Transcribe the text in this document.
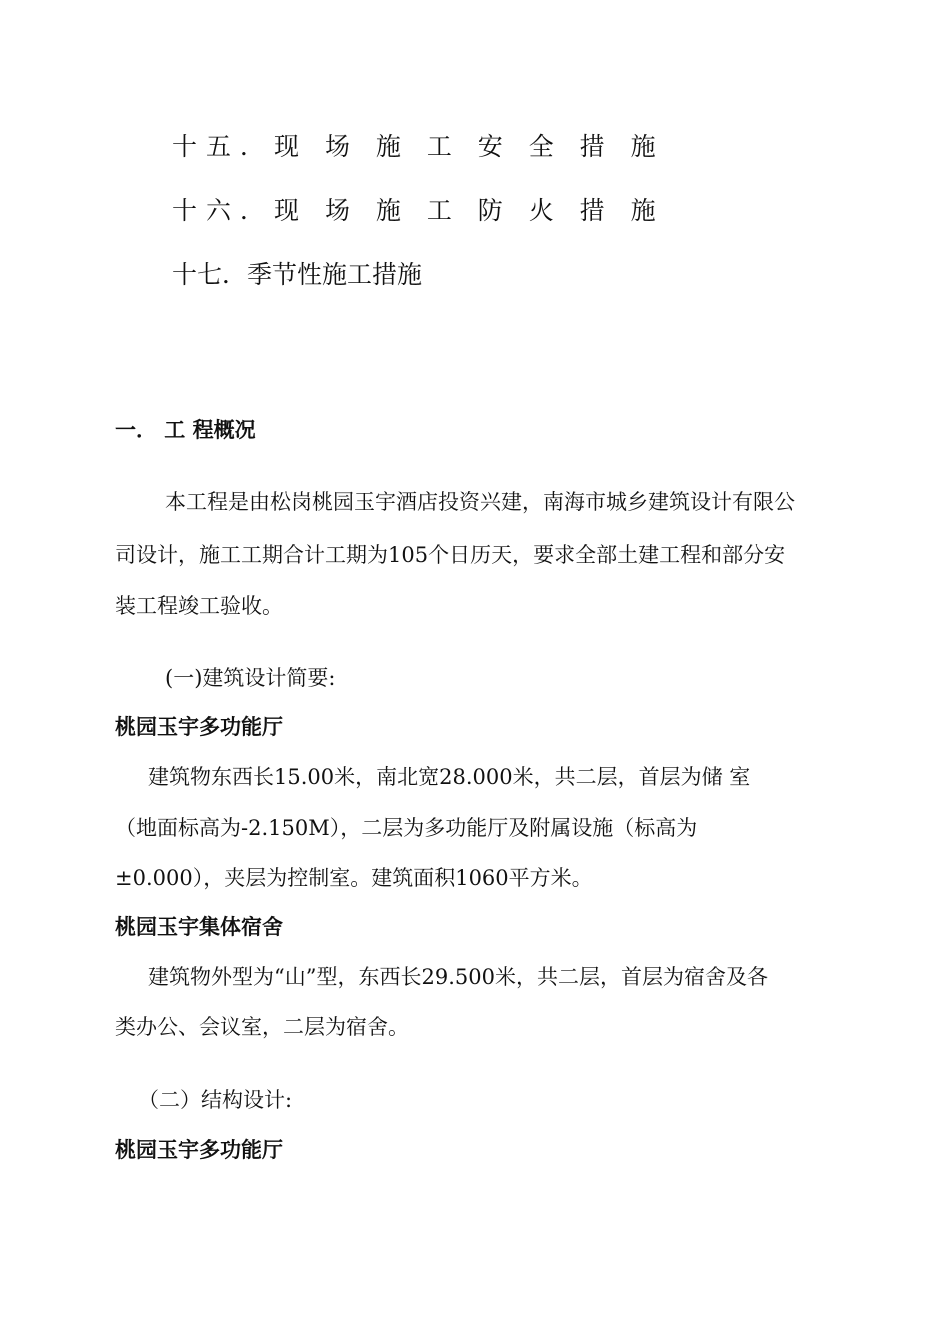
十五．现 场 施 工 安 全 措 施
十六．现 场 施 工 防 火 措 施
十七．季节性施工措施
一． 工 程概况
本工程是由松岗桃园玉宇酒店投资兴建，南海市城乡建筑设计有限公
司设计，施工工期合计工期为105个日历天，要求全部土建工程和部分安
装工程竣工验收。
(一)建筑设计简要:
桃园玉宇多功能厅
建筑物东西长15.00米，南北宽28.000米，共二层，首层为储 室
（地面标高为-2.150M），二层为多功能厅及附属设施（标高为
±0.000），夹层为控制室。建筑面积1060平方米。
桃园玉宇集体宿舍
建筑物外型为“山”型，东西长29.500米，共二层，首层为宿舍及各
类办公、会议室，二层为宿舍。
（二）结构设计:
桃园玉宇多功能厅
